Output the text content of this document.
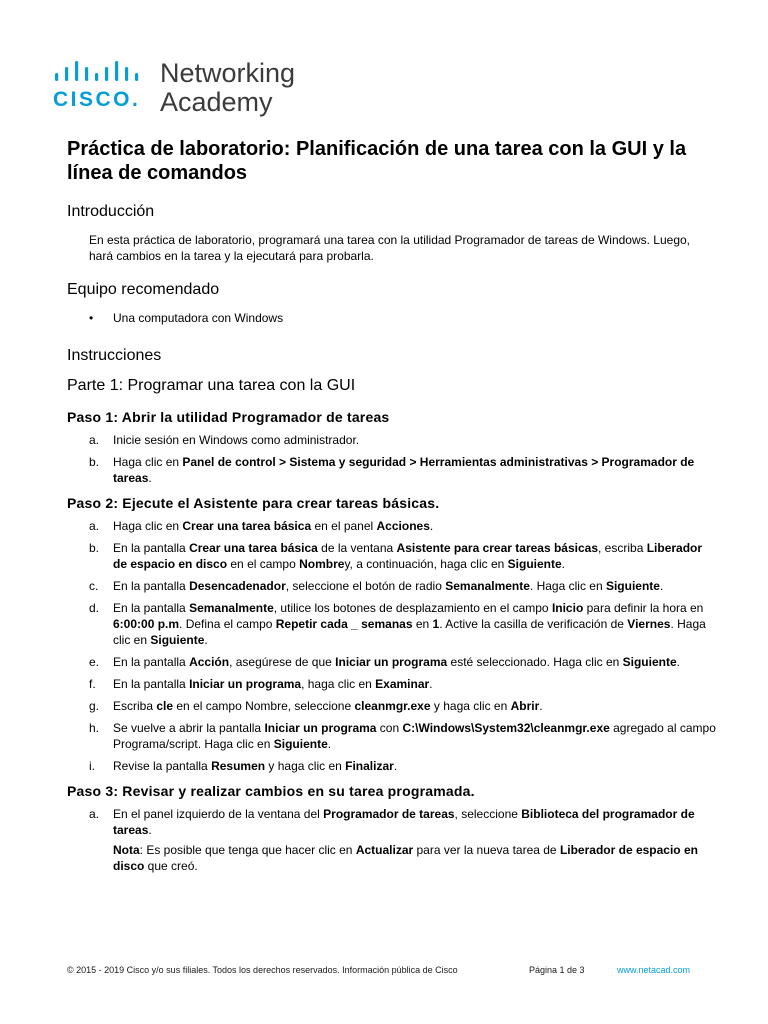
CISCO.
Networking
Academy
Práctica de laboratorio: Planificación de una tarea con la GUI y la línea de comandos
Introducción

En esta práctica de laboratorio, programará una tarea con la utilidad Programador de tareas de Windows. Luego, hará cambios en la tarea y la ejecutará para probarla.

Equipo recomendado
• Una computadora con Windows
Instrucciones
Parte 1: Programar una tarea con la GUI
Paso 1: Abrir la utilidad Programador de tareas
a. Inicie sesión en Windows como administrador.
b. Haga clic en Panel de control > Sistema y seguridad > Herramientas administrativas > Programador de tareas.
Paso 2: Ejecute el Asistente para crear tareas básicas.
a. Haga clic en Crear una tarea básica en el panel Acciones.
b. En la pantalla Crear una tarea básica de la ventana Asistente para crear tareas básicas, escriba Liberador de espacio en disco en el campo Nombrey, a continuación, haga clic en Siguiente.
c. En la pantalla Desencadenador, seleccione el botón de radio Semanalmente. Haga clic en Siguiente.
d. En la pantalla Semanalmente, utilice los botones de desplazamiento en el campo Inicio para definir la hora en 6:00:00 p.m. Defina el campo Repetir cada _ semanas en 1. Active la casilla de verificación de Viernes. Haga clic en Siguiente.
e. En la pantalla Acción, asegúrese de que Iniciar un programa esté seleccionado. Haga clic en Siguiente.
f. En la pantalla Iniciar un programa, haga clic en Examinar.
g. Escriba cle en el campo Nombre, seleccione cleanmgr.exe y haga clic en Abrir.
h. Se vuelve a abrir la pantalla Iniciar un programa con C:\Windows\System32\cleanmgr.exe agregado al campo Programa/script. Haga clic en Siguiente.
i. Revise la pantalla Resumen y haga clic en Finalizar.
Paso 3: Revisar y realizar cambios en su tarea programada.
a. En el panel izquierdo de la ventana del Programador de tareas, seleccione Biblioteca del programador de tareas.
Nota: Es posible que tenga que hacer clic en Actualizar para ver la nueva tarea de Liberador de espacio en disco que creó.
© 2015 - 2019 Cisco y/o sus filiales. Todos los derechos reservados. Información pública de Cisco	Página 1 de 3	www.netacad.com
